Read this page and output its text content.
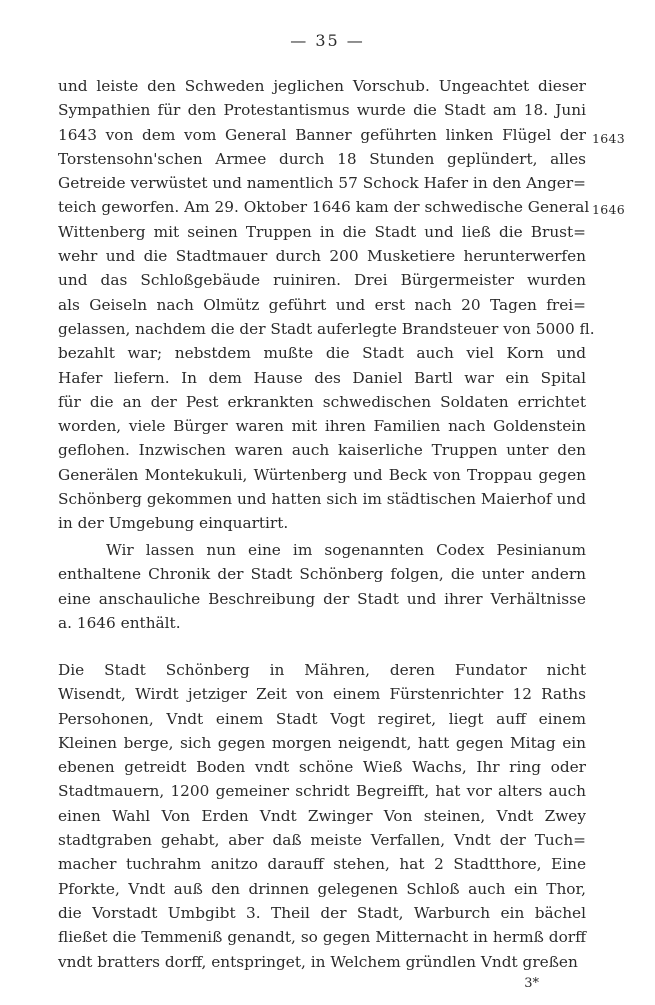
— 35 —
und leiste den Schweden jeglichen Vorschub. Ungeachtet dieser
Sympathien für den Protestantismus wurde die Stadt am 18. Juni
1643 von dem vom General Banner geführten linken Flügel der
Torstensohn'schen Armee durch 18 Stunden geplündert, alles
Getreide verwüstet und namentlich 57 Schock Hafer in den Anger=
teich geworfen. Am 29. Oktober 1646 kam der schwedische General
Wittenberg mit seinen Truppen in die Stadt und ließ die Brust=
wehr und die Stadtmauer durch 200 Musketiere herunterwerfen
und das Schloßgebäude ruiniren. Drei Bürgermeister wurden
als Geiseln nach Olmütz geführt und erst nach 20 Tagen frei=
gelassen, nachdem die der Stadt auferlegte Brandsteuer von 5000 fl.
bezahlt war; nebstdem mußte die Stadt auch viel Korn und
Hafer liefern. In dem Hause des Daniel Bartl war ein Spital
für die an der Pest erkrankten schwedischen Soldaten errichtet
worden, viele Bürger waren mit ihren Familien nach Goldenstein
geflohen. Inzwischen waren auch kaiserliche Truppen unter den
Generälen Montekukuli, Würtenberg und Beck von Troppau gegen
Schönberg gekommen und hatten sich im städtischen Maierhof und
in der Umgebung einquartirt.
1643
1646
Wir lassen nun eine im sogenannten Codex Pesinianum
enthaltene Chronik der Stadt Schönberg folgen, die unter andern
eine anschauliche Beschreibung der Stadt und ihrer Verhältnisse
a. 1646 enthält.
Die Stadt Schönberg in Mähren, deren Fundator nicht
Wisendt, Wirdt jetziger Zeit von einem Fürstenrichter 12 Raths
Persohonen, Vndt einem Stadt Vogt regiret, liegt auff einem
Kleinen berge, sich gegen morgen neigendt, hatt gegen Mitag ein
ebenen getreidt Boden vndt schöne Wieß Wachs, Ihr ring oder
Stadtmauern, 1200 gemeiner schridt Begreifft, hat vor alters auch
einen Wahl Von Erden Vndt Zwinger Von steinen, Vndt Zwey
stadtgraben gehabt, aber daß meiste Verfallen, Vndt der Tuch=
macher tuchrahm anitzo darauff stehen, hat 2 Stadtthore, Eine
Pforkte, Vndt auß den drinnen gelegenen Schloß auch ein Thor,
die Vorstadt Umbgibt 3. Theil der Stadt, Warburch ein bächel
fließet die Temmeniß genandt, so gegen Mitternacht in hermß dorff
vndt bratters dorff, entspringet, in Welchem gründlen Vndt greßen
3*
